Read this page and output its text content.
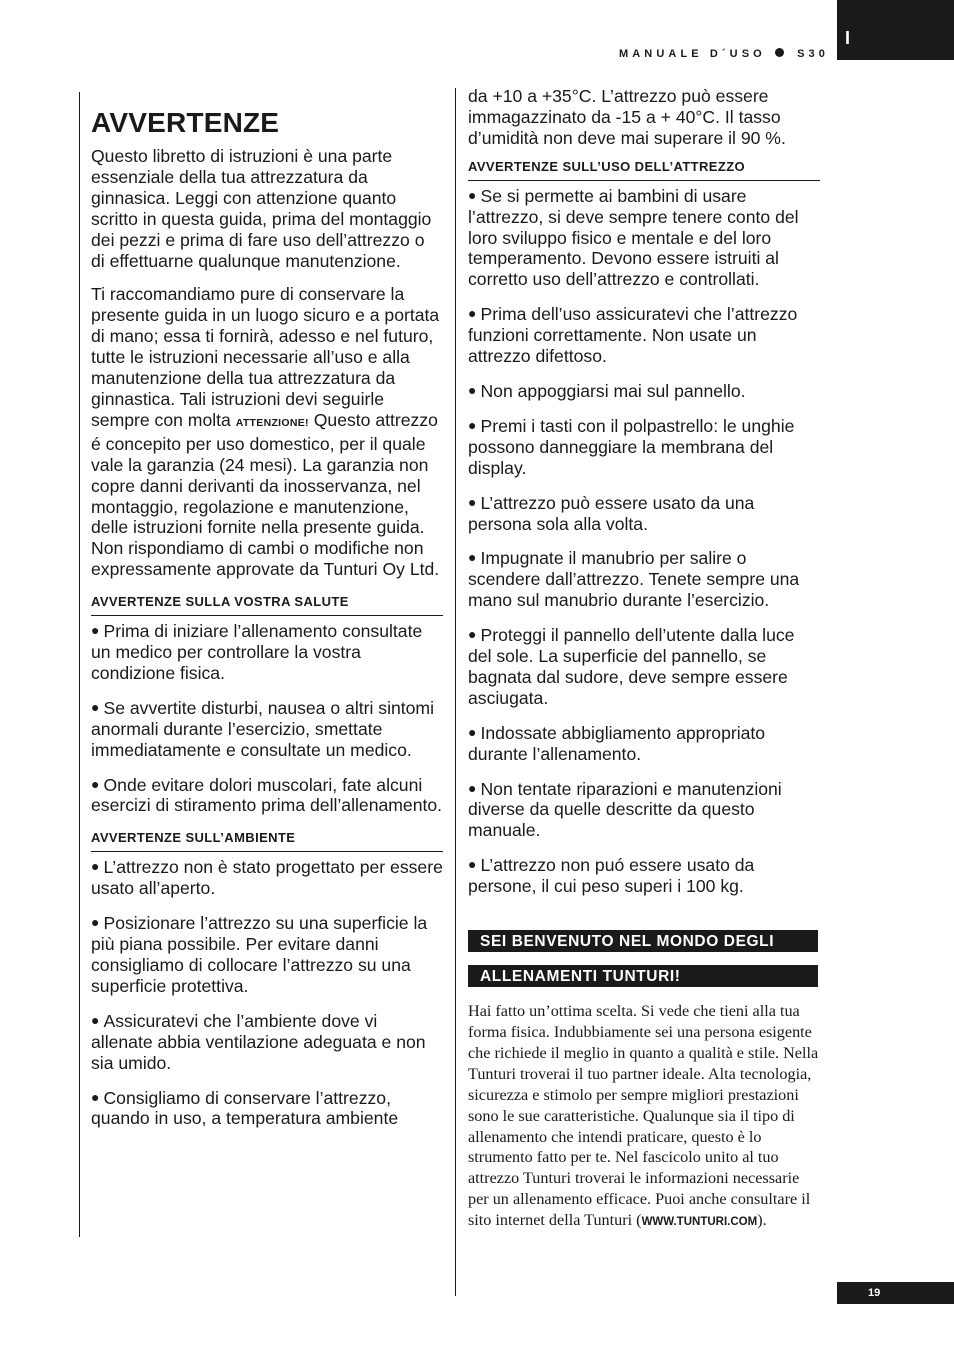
I
MANUALE D´USO	S30
AVVERTENZE

Questo libretto di istruzioni è una parte essenziale della tua attrezzatura da ginnasica. Leggi con attenzione quanto scritto in questa guida, prima del montaggio dei pezzi e prima di fare uso dell’attrezzo o di effettuarne qualunque manutenzione.

Ti raccomandiamo pure di conservare la presente guida in un luogo sicuro e a portata di mano; essa ti fornirà, adesso e nel futuro, tutte le istruzioni necessarie all’uso e alla manutenzione della tua attrezzatura da ginnastica. Tali istruzioni devi seguirle sempre con molta ATTENZIONE! Questo attrezzo é concepito per uso domestico, per il quale vale la garanzia (24 mesi). La garanzia non copre danni derivanti da inosservanza, nel montaggio, regolazione e manutenzione, delle istruzioni fornite nella presente guida. Non rispondiamo di cambi o modifiche non expressamente approvate da Tunturi Oy Ltd.

AVVERTENZE SULLA VOSTRA SALUTE

● Prima di iniziare l’allenamento consultate un medico per controllare la vostra condizione fisica.

● Se avvertite disturbi, nausea o altri sintomi anormali durante l’esercizio, smettate immediatamente e consultate un medico.

● Onde evitare dolori muscolari, fate alcuni esercizi di stiramento prima dell’allenamento.

AVVERTENZE SULL’AMBIENTE

● L’attrezzo non è stato progettato per essere usato all’aperto.

● Posizionare l’attrezzo su una superficie la più piana possibile. Per evitare danni consigliamo di collocare l’attrezzo su una superficie protettiva.

● Assicuratevi che l’ambiente dove vi allenate abbia ventilazione adeguata e non sia umido.

● Consigliamo di conservare l’attrezzo, quando in uso, a temperatura ambiente

da +10 a +35°C. L’attrezzo può essere immagazzinato da -15 a + 40°C. Il tasso d’umidità non deve mai superare il 90 %.

AVVERTENZE SULL’USO DELL’ATTREZZO

● Se si permette ai bambini di usare l’attrezzo, si deve sempre tenere conto del loro sviluppo fisico e mentale e del loro temperamento. Devono essere istruiti al corretto uso dell’attrezzo e controllati.

● Prima dell’uso assicuratevi che l’attrezzo funzioni correttamente. Non usate un attrezzo difettoso.

● Non appoggiarsi mai sul pannello.

● Premi i tasti con il polpastrello: le unghie possono danneggiare la membrana del display.

● L’attrezzo può essere usato da una persona sola alla volta.

● Impugnate il manubrio per salire o scendere dall’attrezzo. Tenete sempre una mano sul manubrio durante l’esercizio.

● Proteggi il pannello dell’utente dalla luce del sole. La superficie del pannello, se bagnata dal sudore, deve sempre essere asciugata.

● Indossate abbigliamento appropriato durante l’allenamento.

● Non tentate riparazioni e manutenzioni diverse da quelle descritte da questo manuale.

● L’attrezzo non puó essere usato da persone, il cui peso superi i 100 kg.

SEI BENVENUTO NEL MONDO DEGLI
ALLENAMENTI TUNTURI!

Hai fatto un’ottima scelta. Si vede che tieni alla tua forma fisica. Indubbiamente sei una persona esigente che richiede il meglio in quanto a qualità e stile. Nella Tunturi troverai il tuo partner ideale. Alta tecnologia, sicurezza e stimolo per sempre migliori prestazioni sono le sue caratteristiche. Qualunque sia il tipo di allenamento che intendi praticare, questo è lo strumento fatto per te. Nel fascicolo unito al tuo attrezzo Tunturi troverai le informazioni necessarie per un allenamento efficace. Puoi anche consultare il sito internet della Tunturi (WWW.TUNTURI.COM).

19
